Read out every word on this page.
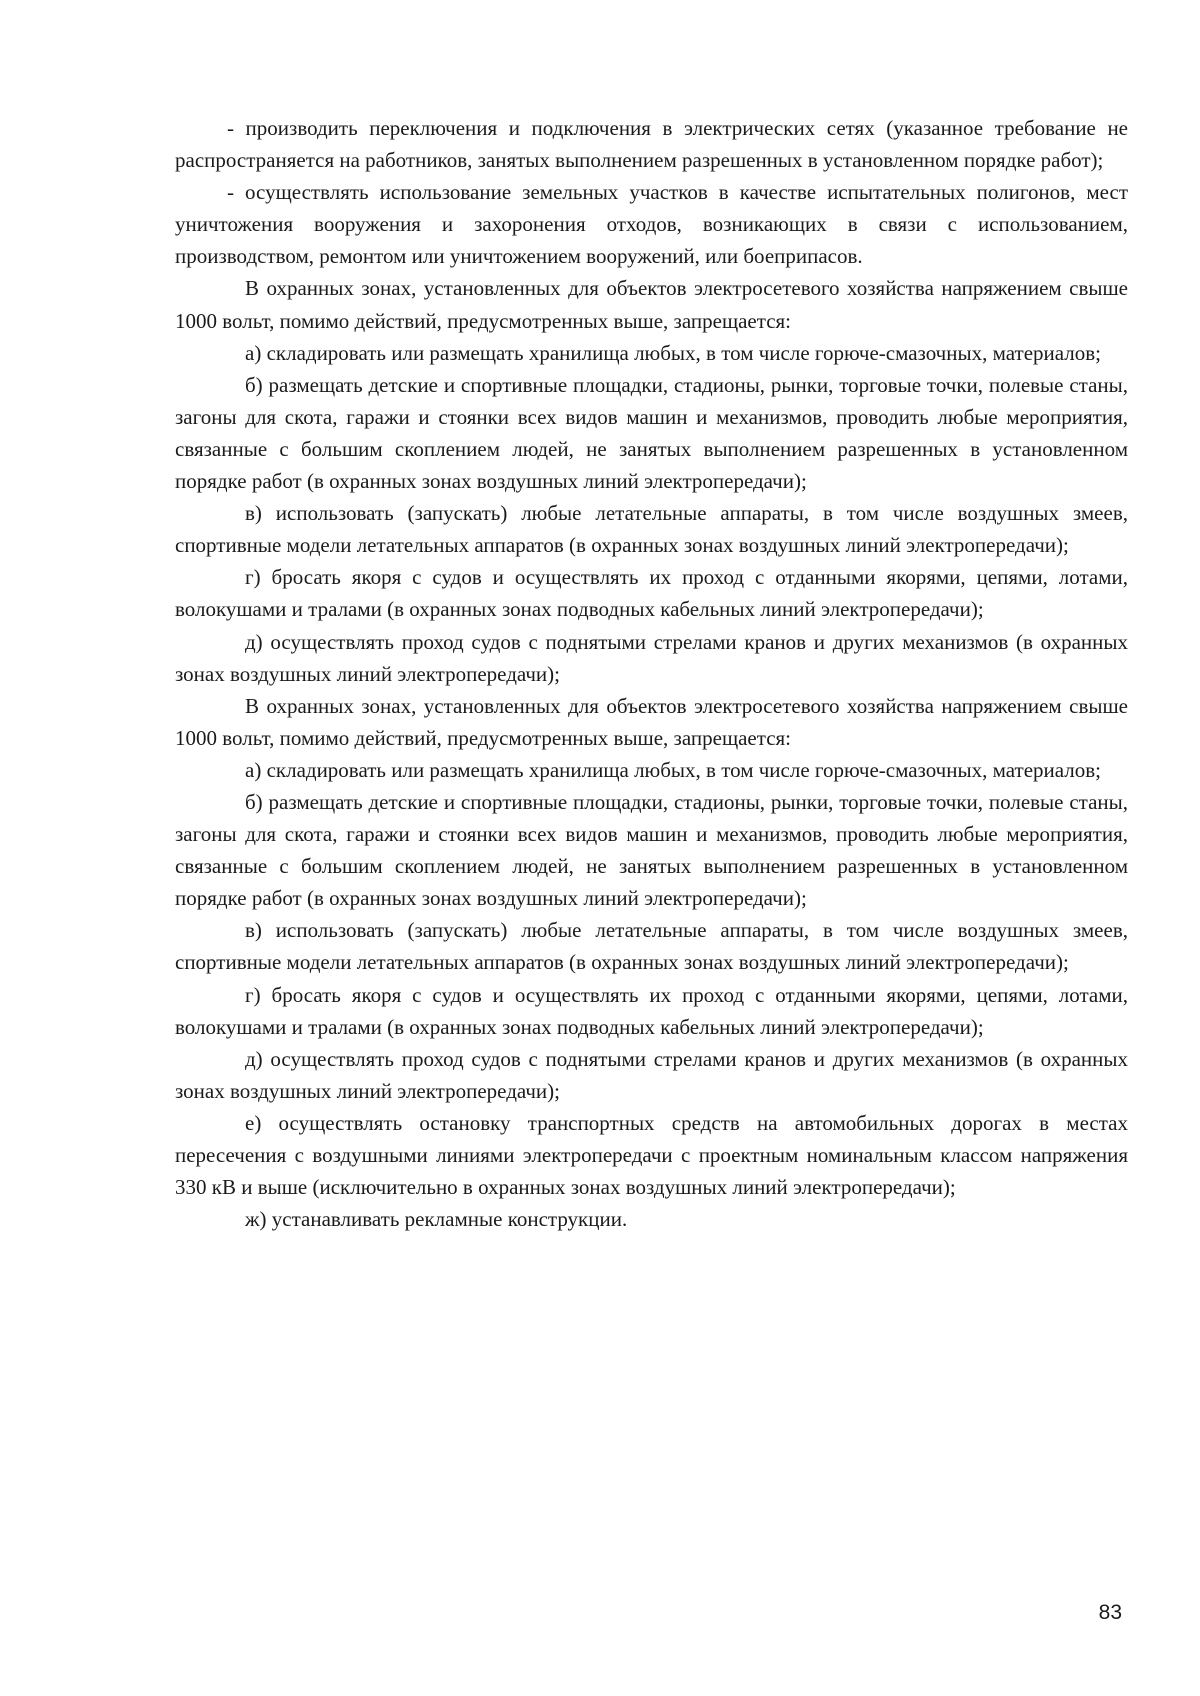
- производить переключения и подключения в электрических сетях (указанное требование не распространяется на работников, занятых выполнением разрешенных в установленном порядке работ);

- осуществлять использование земельных участков в качестве испытательных полигонов, мест уничтожения вооружения и захоронения отходов, возникающих в связи с использованием, производством, ремонтом или уничтожением вооружений, или боеприпасов.

В охранных зонах, установленных для объектов электросетевого хозяйства напряжением свыше 1000 вольт, помимо действий, предусмотренных выше, запрещается:

а) складировать или размещать хранилища любых, в том числе горюче-смазочных, материалов;

б) размещать детские и спортивные площадки, стадионы, рынки, торговые точки, полевые станы, загоны для скота, гаражи и стоянки всех видов машин и механизмов, проводить любые мероприятия, связанные с большим скоплением людей, не занятых выполнением разрешенных в установленном порядке работ (в охранных зонах воздушных линий электропередачи);

в) использовать (запускать) любые летательные аппараты, в том числе воздушных змеев, спортивные модели летательных аппаратов (в охранных зонах воздушных линий электропередачи);

г) бросать якоря с судов и осуществлять их проход с отданными якорями, цепями, лотами, волокушами и тралами (в охранных зонах подводных кабельных линий электропередачи);

д) осуществлять проход судов с поднятыми стрелами кранов и других механизмов (в охранных зонах воздушных линий электропередачи);

В охранных зонах, установленных для объектов электросетевого хозяйства напряжением свыше 1000 вольт, помимо действий, предусмотренных выше, запрещается:

а) складировать или размещать хранилища любых, в том числе горюче-смазочных, материалов;

б) размещать детские и спортивные площадки, стадионы, рынки, торговые точки, полевые станы, загоны для скота, гаражи и стоянки всех видов машин и механизмов, проводить любые мероприятия, связанные с большим скоплением людей, не занятых выполнением разрешенных в установленном порядке работ (в охранных зонах воздушных линий электропередачи);

в) использовать (запускать) любые летательные аппараты, в том числе воздушных змеев, спортивные модели летательных аппаратов (в охранных зонах воздушных линий электропередачи);

г) бросать якоря с судов и осуществлять их проход с отданными якорями, цепями, лотами, волокушами и тралами (в охранных зонах подводных кабельных линий электропередачи);

д) осуществлять проход судов с поднятыми стрелами кранов и других механизмов (в охранных зонах воздушных линий электропередачи);

е) осуществлять остановку транспортных средств на автомобильных дорогах в местах пересечения с воздушными линиями электропередачи с проектным номинальным классом напряжения 330 кВ и выше (исключительно в охранных зонах воздушных линий электропередачи);

ж) устанавливать рекламные конструкции.

83
